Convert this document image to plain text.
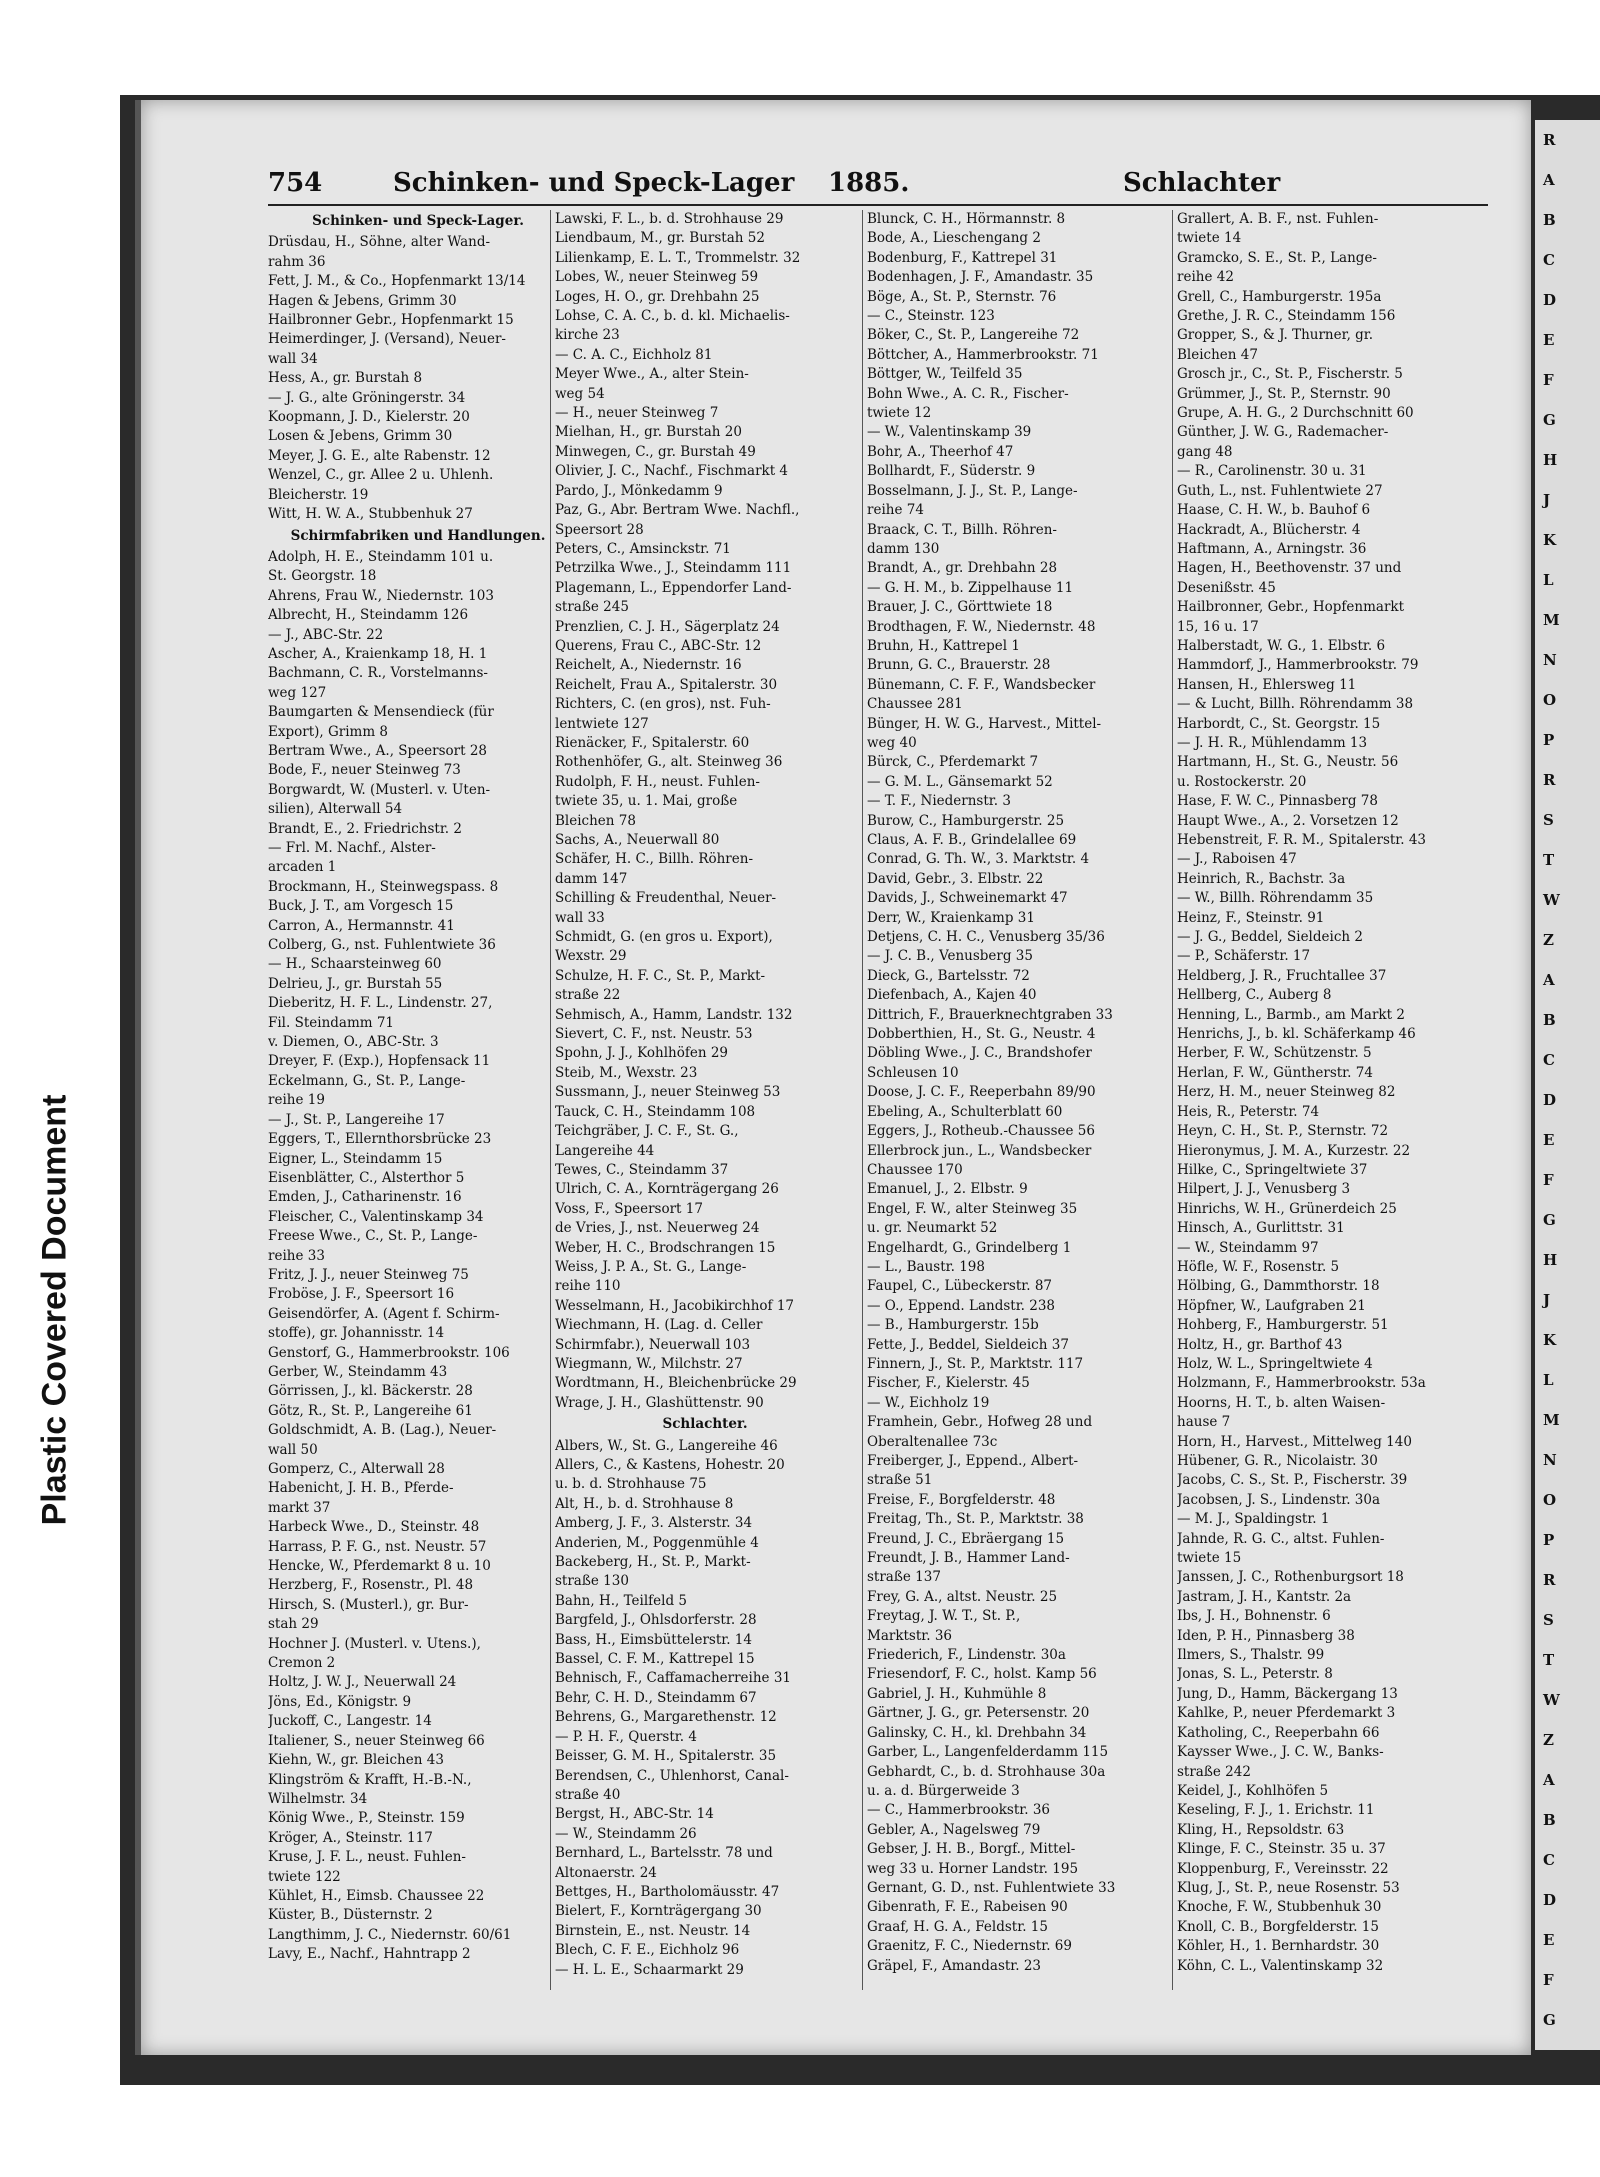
Plastic Covered Document
R
A
B
C
D
E
F
G
H
J
K
L
M
N
O
P
R
S
T
W
Z
A
B
C
D
E
F
G
H
J
K
L
M
N
O
P
R
S
T
W
Z
A
B
C
D
E
F
G
754	Schinken- und Speck-Lager 1885.	Schlachter
Schinken- und Speck-Lager.
Drüsdau, H., Söhne, alter Wand-
rahm 36
Fett, J. M., & Co., Hopfenmarkt 13/14
Hagen & Jebens, Grimm 30
Hailbronner Gebr., Hopfenmarkt 15
Heimerdinger, J. (Versand), Neuer-
wall 34
Hess, A., gr. Burstah 8
— J. G., alte Gröningerstr. 34
Koopmann, J. D., Kielerstr. 20
Losen & Jebens, Grimm 30
Meyer, J. G. E., alte Rabenstr. 12
Wenzel, C., gr. Allee 2 u. Uhlenh.
Bleicherstr. 19
Witt, H. W. A., Stubbenhuk 27
Schirmfabriken und Handlungen.
Adolph, H. E., Steindamm 101 u.
St. Georgstr. 18
Ahrens, Frau W., Niedernstr. 103
Albrecht, H., Steindamm 126
— J., ABC-Str. 22
Ascher, A., Kraienkamp 18, H. 1
Bachmann, C. R., Vorstelmanns-
weg 127
Baumgarten & Mensendieck (für
Export), Grimm 8
Bertram Wwe., A., Speersort 28
Bode, F., neuer Steinweg 73
Borgwardt, W. (Musterl. v. Uten-
silien), Alterwall 54
Brandt, E., 2. Friedrichstr. 2
— Frl. M. Nachf., Alster-
arcaden 1
Brockmann, H., Steinwegspass. 8
Buck, J. T., am Vorgesch 15
Carron, A., Hermannstr. 41
Colberg, G., nst. Fuhlentwiete 36
— H., Schaarsteinweg 60
Delrieu, J., gr. Burstah 55
Dieberitz, H. F. L., Lindenstr. 27,
Fil. Steindamm 71
v. Diemen, O., ABC-Str. 3
Dreyer, F. (Exp.), Hopfensack 11
Eckelmann, G., St. P., Lange-
reihe 19
— J., St. P., Langereihe 17
Eggers, T., Ellernthorsbrücke 23
Eigner, L., Steindamm 15
Eisenblätter, C., Alsterthor 5
Emden, J., Catharinenstr. 16
Fleischer, C., Valentinskamp 34
Freese Wwe., C., St. P., Lange-
reihe 33
Fritz, J. J., neuer Steinweg 75
Froböse, J. F., Speersort 16
Geisendörfer, A. (Agent f. Schirm-
stoffe), gr. Johannisstr. 14
Genstorf, G., Hammerbrookstr. 106
Gerber, W., Steindamm 43
Görrissen, J., kl. Bäckerstr. 28
Götz, R., St. P., Langereihe 61
Goldschmidt, A. B. (Lag.), Neuer-
wall 50
Gomperz, C., Alterwall 28
Habenicht, J. H. B., Pferde-
markt 37
Harbeck Wwe., D., Steinstr. 48
Harrass, P. F. G., nst. Neustr. 57
Hencke, W., Pferdemarkt 8 u. 10
Herzberg, F., Rosenstr., Pl. 48
Hirsch, S. (Musterl.), gr. Bur-
stah 29
Hochner J. (Musterl. v. Utens.),
Cremon 2
Holtz, J. W. J., Neuerwall 24
Jöns, Ed., Königstr. 9
Juckoff, C., Langestr. 14
Italiener, S., neuer Steinweg 66
Kiehn, W., gr. Bleichen 43
Klingström & Krafft, H.-B.-N.,
Wilhelmstr. 34
König Wwe., P., Steinstr. 159
Kröger, A., Steinstr. 117
Kruse, J. F. L., neust. Fuhlen-
twiete 122
Kühlet, H., Eimsb. Chaussee 22
Küster, B., Düsternstr. 2
Langthimm, J. C., Niedernstr. 60/61
Lavy, E., Nachf., Hahntrapp 2
Lawski, F. L., b. d. Strohhause 29
Liendbaum, M., gr. Burstah 52
Lilienkamp, E. L. T., Trommelstr. 32
Lobes, W., neuer Steinweg 59
Loges, H. O., gr. Drehbahn 25
Lohse, C. A. C., b. d. kl. Michaelis-
kirche 23
— C. A. C., Eichholz 81
Meyer Wwe., A., alter Stein-
weg 54
— H., neuer Steinweg 7
Mielhan, H., gr. Burstah 20
Minwegen, C., gr. Burstah 49
Olivier, J. C., Nachf., Fischmarkt 4
Pardo, J., Mönkedamm 9
Paz, G., Abr. Bertram Wwe. Nachfl.,
Speersort 28
Peters, C., Amsinckstr. 71
Petrzilka Wwe., J., Steindamm 111
Plagemann, L., Eppendorfer Land-
straße 245
Prenzlien, C. J. H., Sägerplatz 24
Querens, Frau C., ABC-Str. 12
Reichelt, A., Niedernstr. 16
Reichelt, Frau A., Spitalerstr. 30
Richters, C. (en gros), nst. Fuh-
lentwiete 127
Rienäcker, F., Spitalerstr. 60
Rothenhöfer, G., alt. Steinweg 36
Rudolph, F. H., neust. Fuhlen-
twiete 35, u. 1. Mai, große
Bleichen 78
Sachs, A., Neuerwall 80
Schäfer, H. C., Billh. Röhren-
damm 147
Schilling & Freudenthal, Neuer-
wall 33
Schmidt, G. (en gros u. Export),
Wexstr. 29
Schulze, H. F. C., St. P., Markt-
straße 22
Sehmisch, A., Hamm, Landstr. 132
Sievert, C. F., nst. Neustr. 53
Spohn, J. J., Kohlhöfen 29
Steib, M., Wexstr. 23
Sussmann, J., neuer Steinweg 53
Tauck, C. H., Steindamm 108
Teichgräber, J. C. F., St. G.,
Langereihe 44
Tewes, C., Steindamm 37
Ulrich, C. A., Kornträgergang 26
Voss, F., Speersort 17
de Vries, J., nst. Neuerweg 24
Weber, H. C., Brodschrangen 15
Weiss, J. P. A., St. G., Lange-
reihe 110
Wesselmann, H., Jacobikirchhof 17
Wiechmann, H. (Lag. d. Celler
Schirmfabr.), Neuerwall 103
Wiegmann, W., Milchstr. 27
Wordtmann, H., Bleichenbrücke 29
Wrage, J. H., Glashüttenstr. 90
Schlachter.
Albers, W., St. G., Langereihe 46
Allers, C., & Kastens, Hohestr. 20
u. b. d. Strohhause 75
Alt, H., b. d. Strohhause 8
Amberg, J. F., 3. Alsterstr. 34
Anderien, M., Poggenmühle 4
Backeberg, H., St. P., Markt-
straße 130
Bahn, H., Teilfeld 5
Bargfeld, J., Ohlsdorferstr. 28
Bass, H., Eimsbüttelerstr. 14
Bassel, C. F. M., Kattrepel 15
Behnisch, F., Caffamacherreihe 31
Behr, C. H. D., Steindamm 67
Behrens, G., Margarethenstr. 12
— P. H. F., Querstr. 4
Beisser, G. M. H., Spitalerstr. 35
Berendsen, C., Uhlenhorst, Canal-
straße 40
Bergst, H., ABC-Str. 14
— W., Steindamm 26
Bernhard, L., Bartelsstr. 78 und
Altonaerstr. 24
Bettges, H., Bartholomäusstr. 47
Bielert, F., Kornträgergang 30
Birnstein, E., nst. Neustr. 14
Blech, C. F. E., Eichholz 96
— H. L. E., Schaarmarkt 29
Blunck, C. H., Hörmannstr. 8
Bode, A., Lieschengang 2
Bodenburg, F., Kattrepel 31
Bodenhagen, J. F., Amandastr. 35
Böge, A., St. P., Sternstr. 76
— C., Steinstr. 123
Böker, C., St. P., Langereihe 72
Böttcher, A., Hammerbrookstr. 71
Böttger, W., Teilfeld 35
Bohn Wwe., A. C. R., Fischer-
twiete 12
— W., Valentinskamp 39
Bohr, A., Theerhof 47
Bollhardt, F., Süderstr. 9
Bosselmann, J. J., St. P., Lange-
reihe 74
Braack, C. T., Billh. Röhren-
damm 130
Brandt, A., gr. Drehbahn 28
— G. H. M., b. Zippelhause 11
Brauer, J. C., Görttwiete 18
Brodthagen, F. W., Niedernstr. 48
Bruhn, H., Kattrepel 1
Brunn, G. C., Brauerstr. 28
Bünemann, C. F. F., Wandsbecker
Chaussee 281
Bünger, H. W. G., Harvest., Mittel-
weg 40
Bürck, C., Pferdemarkt 7
— G. M. L., Gänsemarkt 52
— T. F., Niedernstr. 3
Burow, C., Hamburgerstr. 25
Claus, A. F. B., Grindelallee 69
Conrad, G. Th. W., 3. Marktstr. 4
David, Gebr., 3. Elbstr. 22
Davids, J., Schweinemarkt 47
Derr, W., Kraienkamp 31
Detjens, C. H. C., Venusberg 35/36
— J. C. B., Venusberg 35
Dieck, G., Bartelsstr. 72
Diefenbach, A., Kajen 40
Dittrich, F., Brauerknechtgraben 33
Dobberthien, H., St. G., Neustr. 4
Döbling Wwe., J. C., Brandshofer
Schleusen 10
Doose, J. C. F., Reeperbahn 89/90
Ebeling, A., Schulterblatt 60
Eggers, J., Rotheub.-Chaussee 56
Ellerbrock jun., L., Wandsbecker
Chaussee 170
Emanuel, J., 2. Elbstr. 9
Engel, F. W., alter Steinweg 35
u. gr. Neumarkt 52
Engelhardt, G., Grindelberg 1
— L., Baustr. 198
Faupel, C., Lübeckerstr. 87
— O., Eppend. Landstr. 238
— B., Hamburgerstr. 15b
Fette, J., Beddel, Sieldeich 37
Finnern, J., St. P., Marktstr. 117
Fischer, F., Kielerstr. 45
— W., Eichholz 19
Framhein, Gebr., Hofweg 28 und
Oberaltenallee 73c
Freiberger, J., Eppend., Albert-
straße 51
Freise, F., Borgfelderstr. 48
Freitag, Th., St. P., Marktstr. 38
Freund, J. C., Ebräergang 15
Freundt, J. B., Hammer Land-
straße 137
Frey, G. A., altst. Neustr. 25
Freytag, J. W. T., St. P.,
Marktstr. 36
Friederich, F., Lindenstr. 30a
Friesendorf, F. C., holst. Kamp 56
Gabriel, J. H., Kuhmühle 8
Gärtner, J. G., gr. Petersenstr. 20
Galinsky, C. H., kl. Drehbahn 34
Garber, L., Langenfelderdamm 115
Gebhardt, C., b. d. Strohhause 30a
u. a. d. Bürgerweide 3
— C., Hammerbrookstr. 36
Gebler, A., Nagelsweg 79
Gebser, J. H. B., Borgf., Mittel-
weg 33 u. Horner Landstr. 195
Gernant, G. D., nst. Fuhlentwiete 33
Gibenrath, F. E., Rabeisen 90
Graaf, H. G. A., Feldstr. 15
Graenitz, F. C., Niedernstr. 69
Gräpel, F., Amandastr. 23
Grallert, A. B. F., nst. Fuhlen-
twiete 14
Gramcko, S. E., St. P., Lange-
reihe 42
Grell, C., Hamburgerstr. 195a
Grethe, J. R. C., Steindamm 156
Gropper, S., & J. Thurner, gr.
Bleichen 47
Grosch jr., C., St. P., Fischerstr. 5
Grümmer, J., St. P., Sternstr. 90
Grupe, A. H. G., 2 Durchschnitt 60
Günther, J. W. G., Rademacher-
gang 48
— R., Carolinenstr. 30 u. 31
Guth, L., nst. Fuhlentwiete 27
Haase, C. H. W., b. Bauhof 6
Hackradt, A., Blücherstr. 4
Haftmann, A., Arningstr. 36
Hagen, H., Beethovenstr. 37 und
Desenißstr. 45
Hailbronner, Gebr., Hopfenmarkt
15, 16 u. 17
Halberstadt, W. G., 1. Elbstr. 6
Hammdorf, J., Hammerbrookstr. 79
Hansen, H., Ehlersweg 11
— & Lucht, Billh. Röhrendamm 38
Harbordt, C., St. Georgstr. 15
— J. H. R., Mühlendamm 13
Hartmann, H., St. G., Neustr. 56
u. Rostockerstr. 20
Hase, F. W. C., Pinnasberg 78
Haupt Wwe., A., 2. Vorsetzen 12
Hebenstreit, F. R. M., Spitalerstr. 43
— J., Raboisen 47
Heinrich, R., Bachstr. 3a
— W., Billh. Röhrendamm 35
Heinz, F., Steinstr. 91
— J. G., Beddel, Sieldeich 2
— P., Schäferstr. 17
Heldberg, J. R., Fruchtallee 37
Hellberg, C., Auberg 8
Henning, L., Barmb., am Markt 2
Henrichs, J., b. kl. Schäferkamp 46
Herber, F. W., Schützenstr. 5
Herlan, F. W., Güntherstr. 74
Herz, H. M., neuer Steinweg 82
Heis, R., Peterstr. 74
Heyn, C. H., St. P., Sternstr. 72
Hieronymus, J. M. A., Kurzestr. 22
Hilke, C., Springeltwiete 37
Hilpert, J. J., Venusberg 3
Hinrichs, W. H., Grünerdeich 25
Hinsch, A., Gurlittstr. 31
— W., Steindamm 97
Höfle, W. F., Rosenstr. 5
Hölbing, G., Dammthorstr. 18
Höpfner, W., Laufgraben 21
Hohberg, F., Hamburgerstr. 51
Holtz, H., gr. Barthof 43
Holz, W. L., Springeltwiete 4
Holzmann, F., Hammerbrookstr. 53a
Hoorns, H. T., b. alten Waisen-
hause 7
Horn, H., Harvest., Mittelweg 140
Hübener, G. R., Nicolaistr. 30
Jacobs, C. S., St. P., Fischerstr. 39
Jacobsen, J. S., Lindenstr. 30a
— M. J., Spaldingstr. 1
Jahnde, R. G. C., altst. Fuhlen-
twiete 15
Janssen, J. C., Rothenburgsort 18
Jastram, J. H., Kantstr. 2a
Ibs, J. H., Bohnenstr. 6
Iden, P. H., Pinnasberg 38
Ilmers, S., Thalstr. 99
Jonas, S. L., Peterstr. 8
Jung, D., Hamm, Bäckergang 13
Kahlke, P., neuer Pferdemarkt 3
Katholing, C., Reeperbahn 66
Kaysser Wwe., J. C. W., Banks-
straße 242
Keidel, J., Kohlhöfen 5
Keseling, F. J., 1. Erichstr. 11
Kling, H., Repsoldstr. 63
Klinge, F. C., Steinstr. 35 u. 37
Kloppenburg, F., Vereinsstr. 22
Klug, J., St. P., neue Rosenstr. 53
Knoche, F. W., Stubbenhuk 30
Knoll, C. B., Borgfelderstr. 15
Köhler, H., 1. Bernhardstr. 30
Köhn, C. L., Valentinskamp 32
